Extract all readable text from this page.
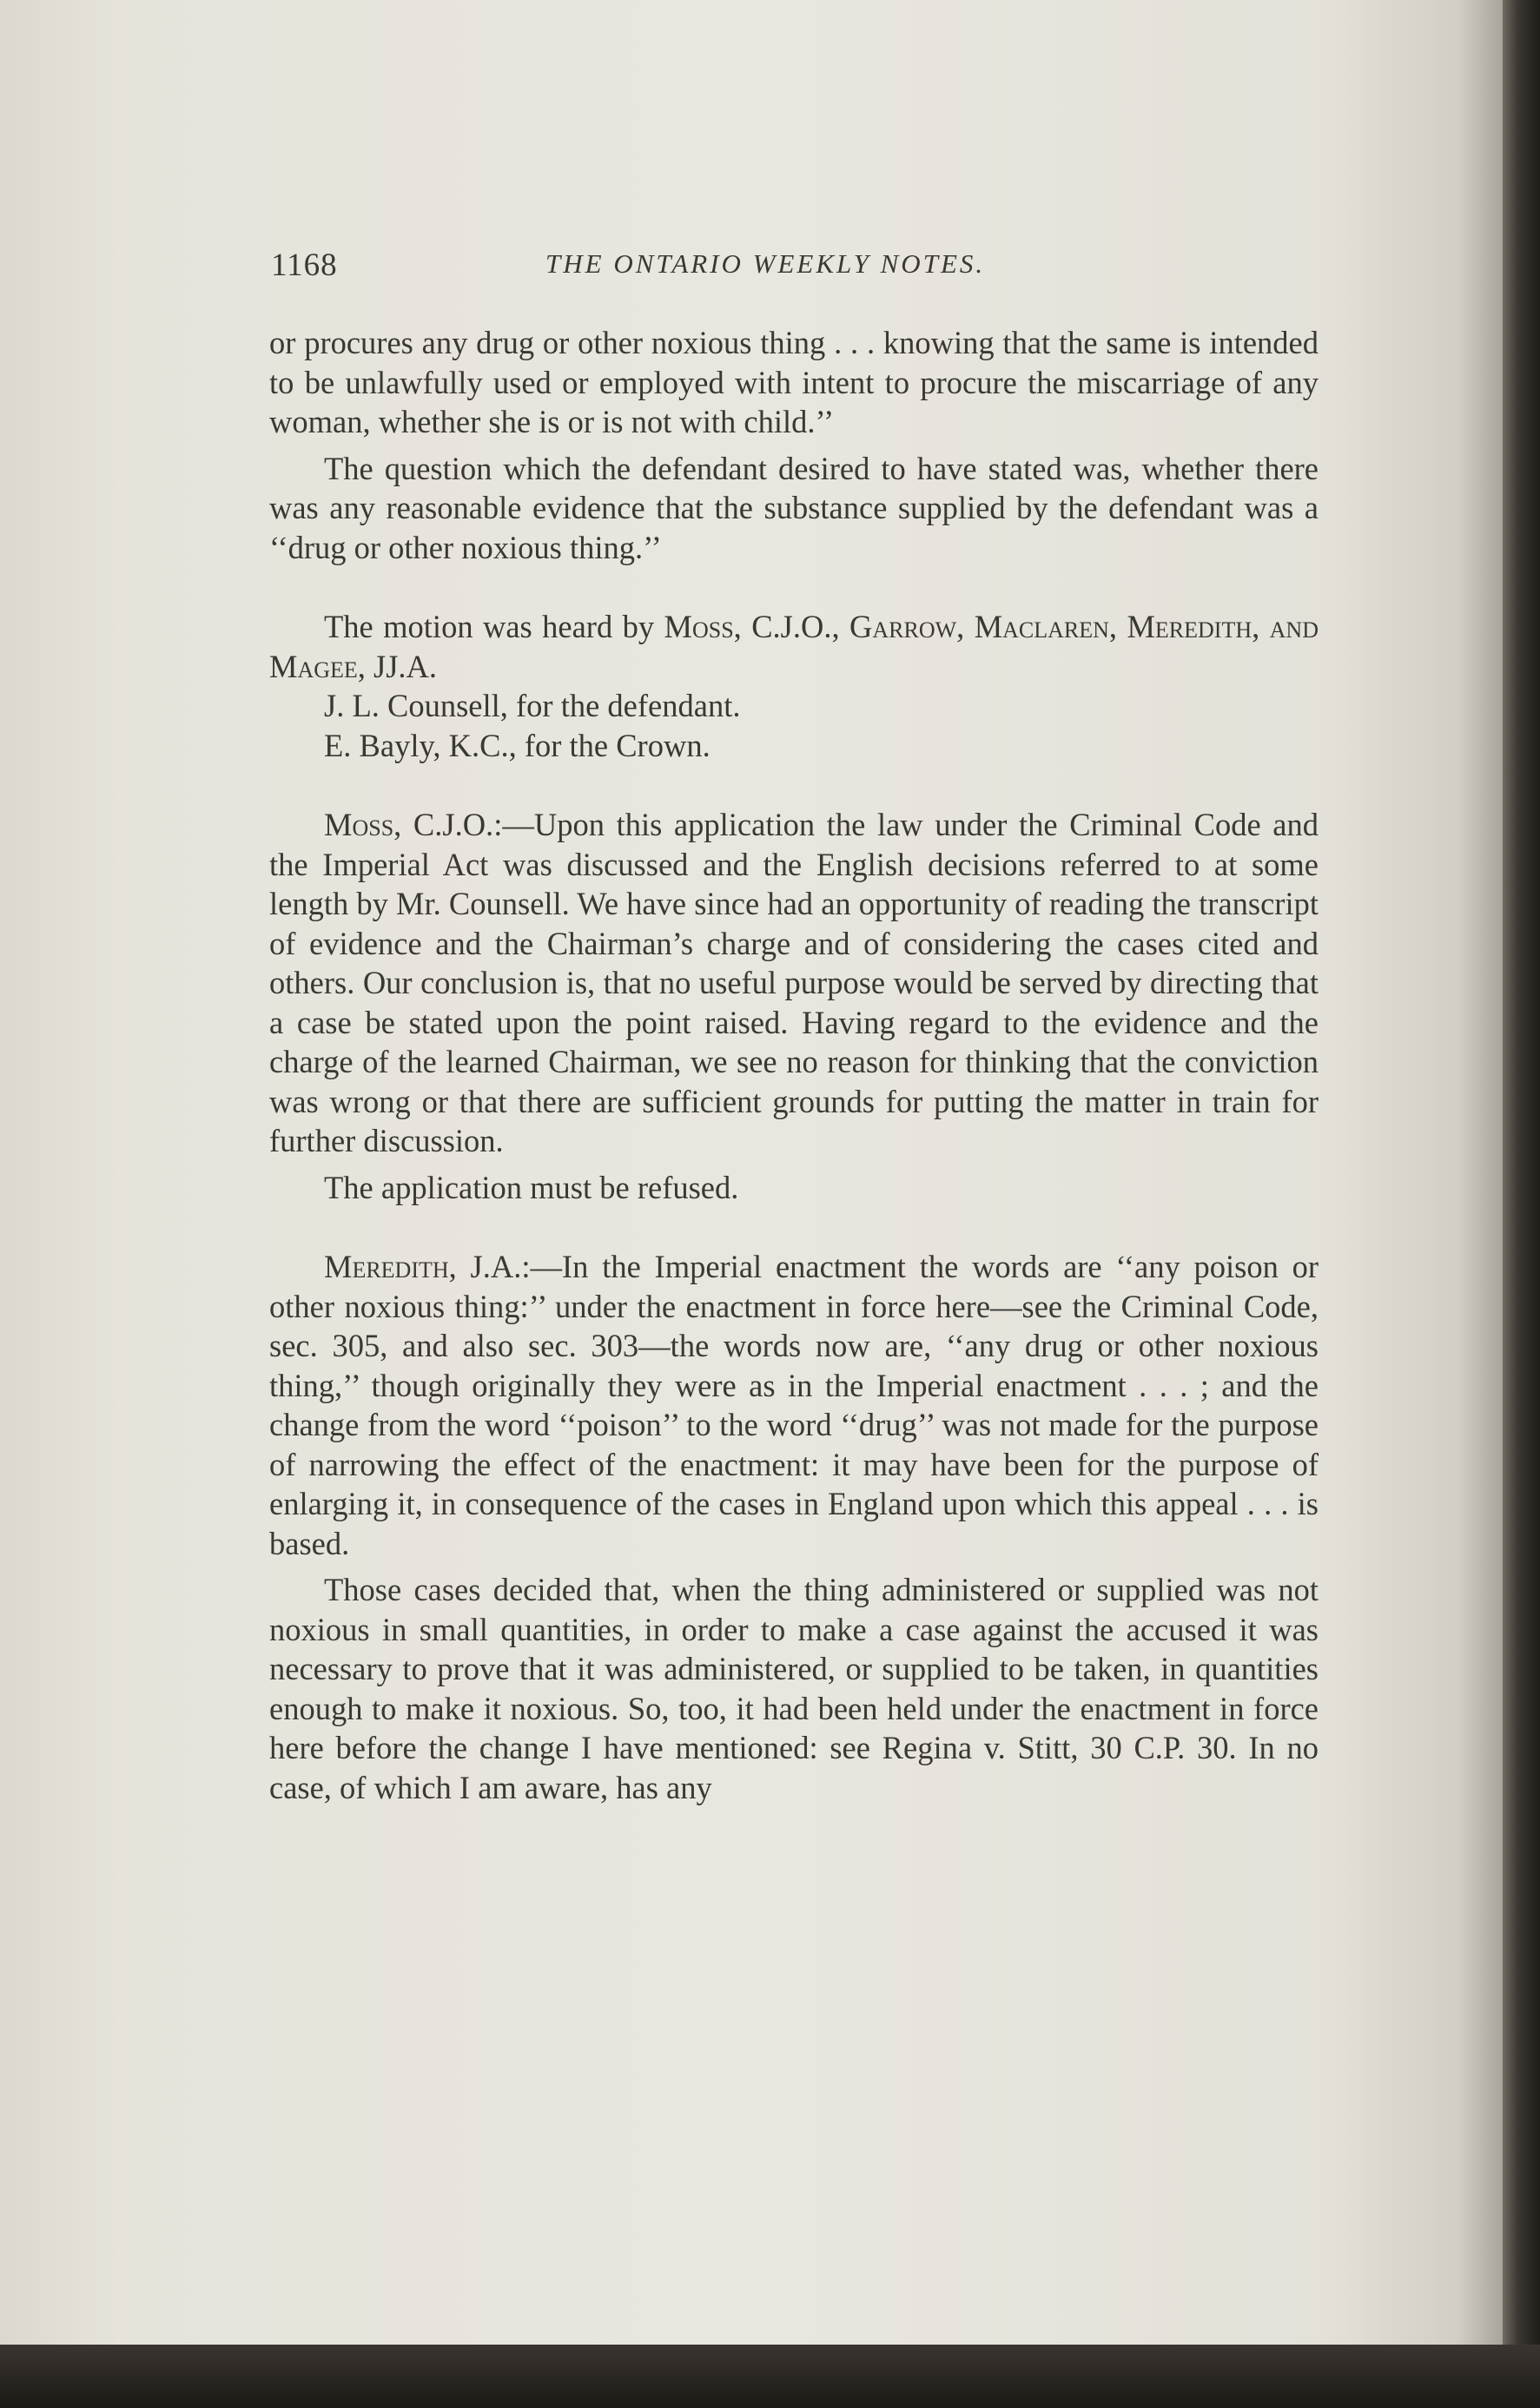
1168	THE ONTARIO WEEKLY NOTES.

or procures any drug or other noxious thing . . . knowing that the same is intended to be unlawfully used or employed with intent to procure the miscarriage of any woman, whether she is or is not with child.’’

The question which the defendant desired to have stated was, whether there was any reasonable evidence that the substance supplied by the defendant was a ‘‘drug or other noxious thing.’’

The motion was heard by Moss, C.J.O., Garrow, Maclaren, Meredith, and Magee, JJ.A.

J. L. Counsell, for the defendant.

E. Bayly, K.C., for the Crown.

Moss, C.J.O.:—Upon this application the law under the Criminal Code and the Imperial Act was discussed and the English decisions referred to at some length by Mr. Counsell. We have since had an opportunity of reading the transcript of evidence and the Chairman’s charge and of considering the cases cited and others. Our conclusion is, that no useful purpose would be served by directing that a case be stated upon the point raised. Having regard to the evidence and the charge of the learned Chairman, we see no reason for thinking that the conviction was wrong or that there are sufficient grounds for putting the matter in train for further discussion.

The application must be refused.

Meredith, J.A.:—In the Imperial enactment the words are ‘‘any poison or other noxious thing:’’ under the enactment in force here—see the Criminal Code, sec. 305, and also sec. 303—the words now are, ‘‘any drug or other noxious thing,’’ though originally they were as in the Imperial enactment . . . ; and the change from the word ‘‘poison’’ to the word ‘‘drug’’ was not made for the purpose of narrowing the effect of the enactment: it may have been for the purpose of enlarging it, in consequence of the cases in England upon which this appeal . . . is based.

Those cases decided that, when the thing administered or supplied was not noxious in small quantities, in order to make a case against the accused it was necessary to prove that it was administered, or supplied to be taken, in quantities enough to make it noxious. So, too, it had been held under the enactment in force here before the change I have mentioned: see Regina v. Stitt, 30 C.P. 30. In no case, of which I am aware, has any
